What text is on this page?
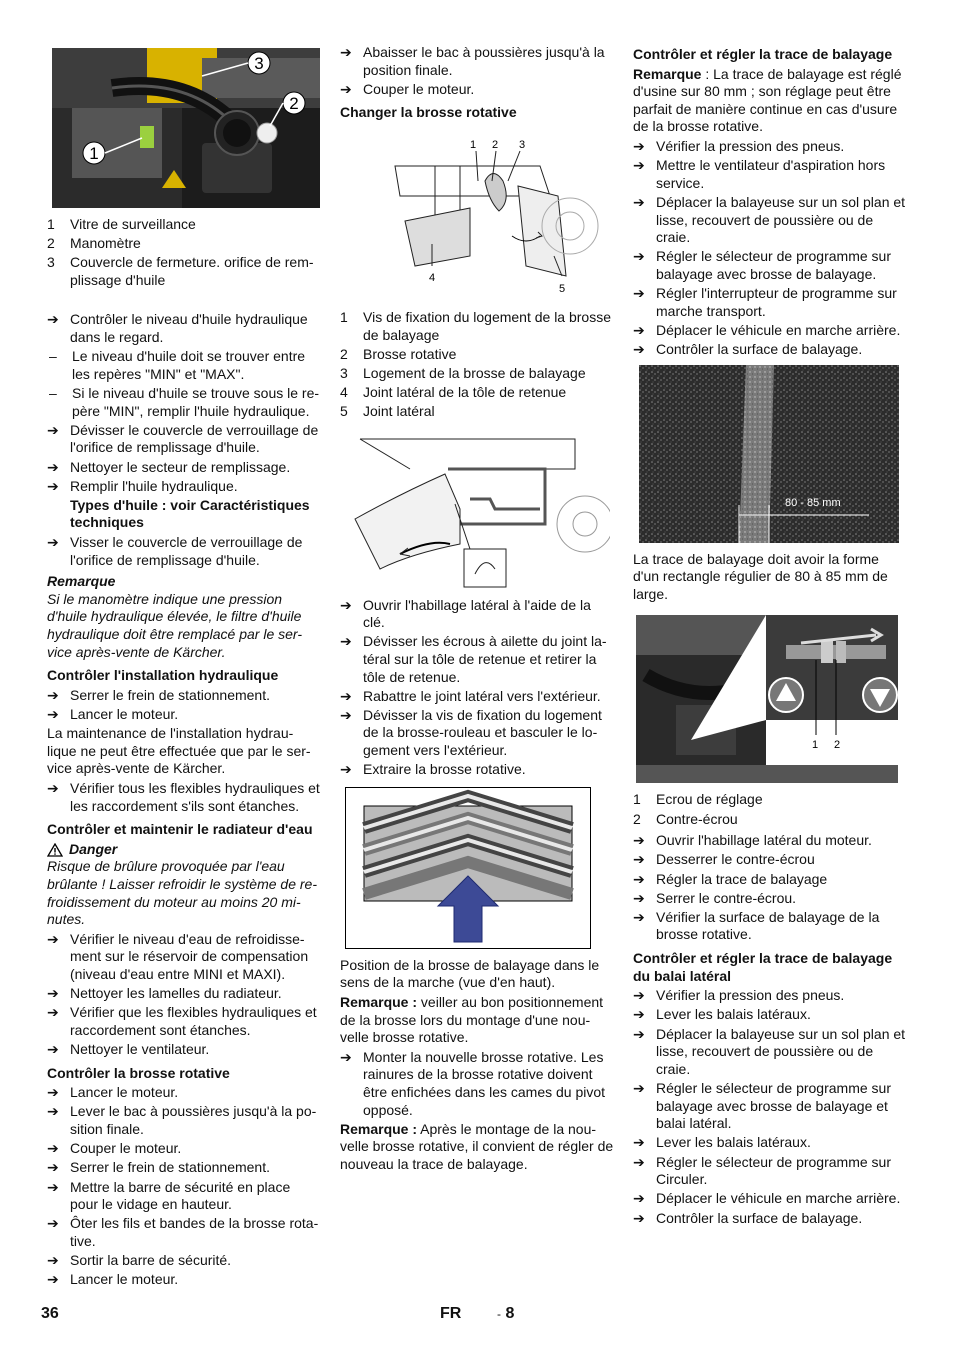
3
2
1
1	Vitre de surveillance
2	Manomètre
3	Couvercle de fermeture. orifice de rem-plissage d'huile
➔ Contrôler le niveau d'huile hydraulique dans le regard.
–	Le niveau d'huile doit se trouver entre les repères "MIN" et "MAX".
–	Si le niveau d'huile se trouve sous le re-père "MIN", remplir l'huile hydraulique.
➔ Dévisser le couvercle de verrouillage de l'orifice de remplissage d'huile.
➔ Nettoyer le secteur de remplissage.
➔ Remplir l'huile hydraulique.
Types d'huile : voir Caractéristiques techniques
➔ Visser le couvercle de verrouillage de l'orifice de remplissage d'huile.
Remarque
Si le manomètre indique une pression d'huile hydraulique élevée, le filtre d'huile hydraulique doit être remplacé par le ser-vice après-vente de Kärcher.
Contrôler l'installation hydraulique
➔ Serrer le frein de stationnement.
➔ Lancer le moteur.
La maintenance de l'installation hydrau-lique ne peut être effectuée que par le ser-vice après-vente de Kärcher.
➔ Vérifier tous les flexibles hydrauliques et les raccordement s'ils sont étanches.
Contrôler et maintenir le radiateur d'eau
Danger
Risque de brûlure provoquée par l'eau brûlante ! Laisser refroidir le système de re-froidissement du moteur au moins 20 mi-nutes.
➔ Vérifier le niveau d'eau de refroidisse-ment sur le réservoir de compensation (niveau d'eau entre MINI et MAXI).
➔ Nettoyer les lamelles du radiateur.
➔ Vérifier que les flexibles hydrauliques et raccordement sont étanches.
➔ Nettoyer le ventilateur.
Contrôler la brosse rotative
➔ Lancer le moteur.
➔ Lever le bac à poussières jusqu'à la po-sition finale.
➔ Couper le moteur.
➔ Serrer le frein de stationnement.
➔ Mettre la barre de sécurité en place pour le vidage en hauteur.
➔ Ôter les fils et bandes de la brosse rota-tive.
➔ Sortir la barre de sécurité.
➔ Lancer le moteur.
➔ Abaisser le bac à poussières jusqu'à la position finale.
➔ Couper le moteur.
Changer la brosse rotative
1 2 3
4
5
1	Vis de fixation du logement de la brosse de balayage
2	Brosse rotative
3	Logement de la brosse de balayage
4	Joint latéral de la tôle de retenue
5	Joint latéral
➔ Ouvrir l'habillage latéral à l'aide de la clé.
➔ Dévisser les écrous à ailette du joint la-téral sur la tôle de retenue et retirer la tôle de retenue.
➔ Rabattre le joint latéral vers l'extérieur.
➔ Dévisser la vis de fixation du logement de la brosse-rouleau et basculer le lo-gement vers l'extérieur.
➔ Extraire la brosse rotative.
Position de la brosse de balayage dans le sens de la marche (vue d'en haut).
Remarque : veiller au bon positionnement de la brosse lors du montage d'une nou-velle brosse rotative.
➔ Monter la nouvelle brosse rotative. Les rainures de la brosse rotative doivent être enfichées dans les cames du pivot opposé.
Remarque : Après le montage de la nou-velle brosse rotative, il convient de régler de nouveau la trace de balayage.
Contrôler et régler la trace de balayage
Remarque : La trace de balayage est réglé d'usine sur 80 mm ; son réglage peut être parfait de manière continue en cas d'usure de la brosse rotative.
➔ Vérifier la pression des pneus.
➔ Mettre le ventilateur d'aspiration hors service.
➔ Déplacer la balayeuse sur un sol plan et lisse, recouvert de poussière ou de craie.
➔ Régler le sélecteur de programme sur balayage avec brosse de balayage.
➔ Régler l'interrupteur de programme sur marche transport.
➔ Déplacer le véhicule en marche arrière.
➔ Contrôler la surface de balayage.
80 - 85 mm
La trace de balayage doit avoir la forme d'un rectangle régulier de 80 à 85 mm de large.
1 2
1	Ecrou de réglage
2	Contre-écrou
➔ Ouvrir l'habillage latéral du moteur.
➔ Desserrer le contre-écrou
➔ Régler la trace de balayage
➔ Serrer le contre-écrou.
➔ Vérifier la surface de balayage de la brosse rotative.
Contrôler et régler la trace de balayage du balai latéral
➔ Vérifier la pression des pneus.
➔ Lever les balais latéraux.
➔ Déplacer la balayeuse sur un sol plan et lisse, recouvert de poussière ou de craie.
➔ Régler le sélecteur de programme sur balayage avec brosse de balayage et balai latéral.
➔ Lever les balais latéraux.
➔ Régler le sélecteur de programme sur Circuler.
➔ Déplacer le véhicule en marche arrière.
➔ Contrôler la surface de balayage.
36	FR	- 8
